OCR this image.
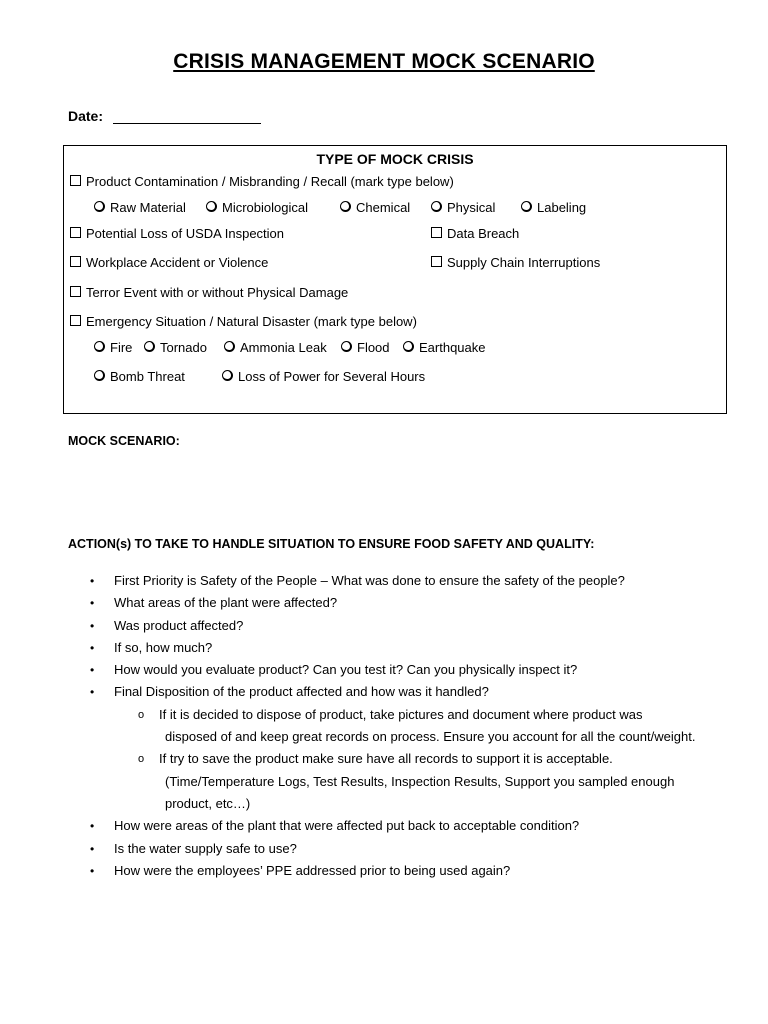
CRISIS MANAGEMENT MOCK SCENARIO
Date:
TYPE OF MOCK CRISIS
Product Contamination / Misbranding / Recall (mark type below)
Raw Material	Microbiological	Chemical	Physical	Labeling
Potential Loss of USDA Inspection	Data Breach
Workplace Accident or Violence	Supply Chain Interruptions
Terror Event with or without Physical Damage
Emergency Situation / Natural Disaster (mark type below)
Fire	Tornado	Ammonia Leak	Flood	Earthquake
Bomb Threat	Loss of Power for Several Hours
MOCK SCENARIO:
ACTION(s) TO TAKE TO HANDLE SITUATION TO ENSURE FOOD SAFETY AND QUALITY:
• First Priority is Safety of the People – What was done to ensure the safety of the people?
• What areas of the plant were affected?
• Was product affected?
• If so, how much?
• How would you evaluate product? Can you test it? Can you physically inspect it?
• Final Disposition of the product affected and how was it handled?
o If it is decided to dispose of product, take pictures and document where product was
disposed of and keep great records on process. Ensure you account for all the count/weight.
o If try to save the product make sure have all records to support it is acceptable.
(Time/Temperature Logs, Test Results, Inspection Results, Support you sampled enough
product, etc…)
• How were areas of the plant that were affected put back to acceptable condition?
• Is the water supply safe to use?
• How were the employees’ PPE addressed prior to being used again?
